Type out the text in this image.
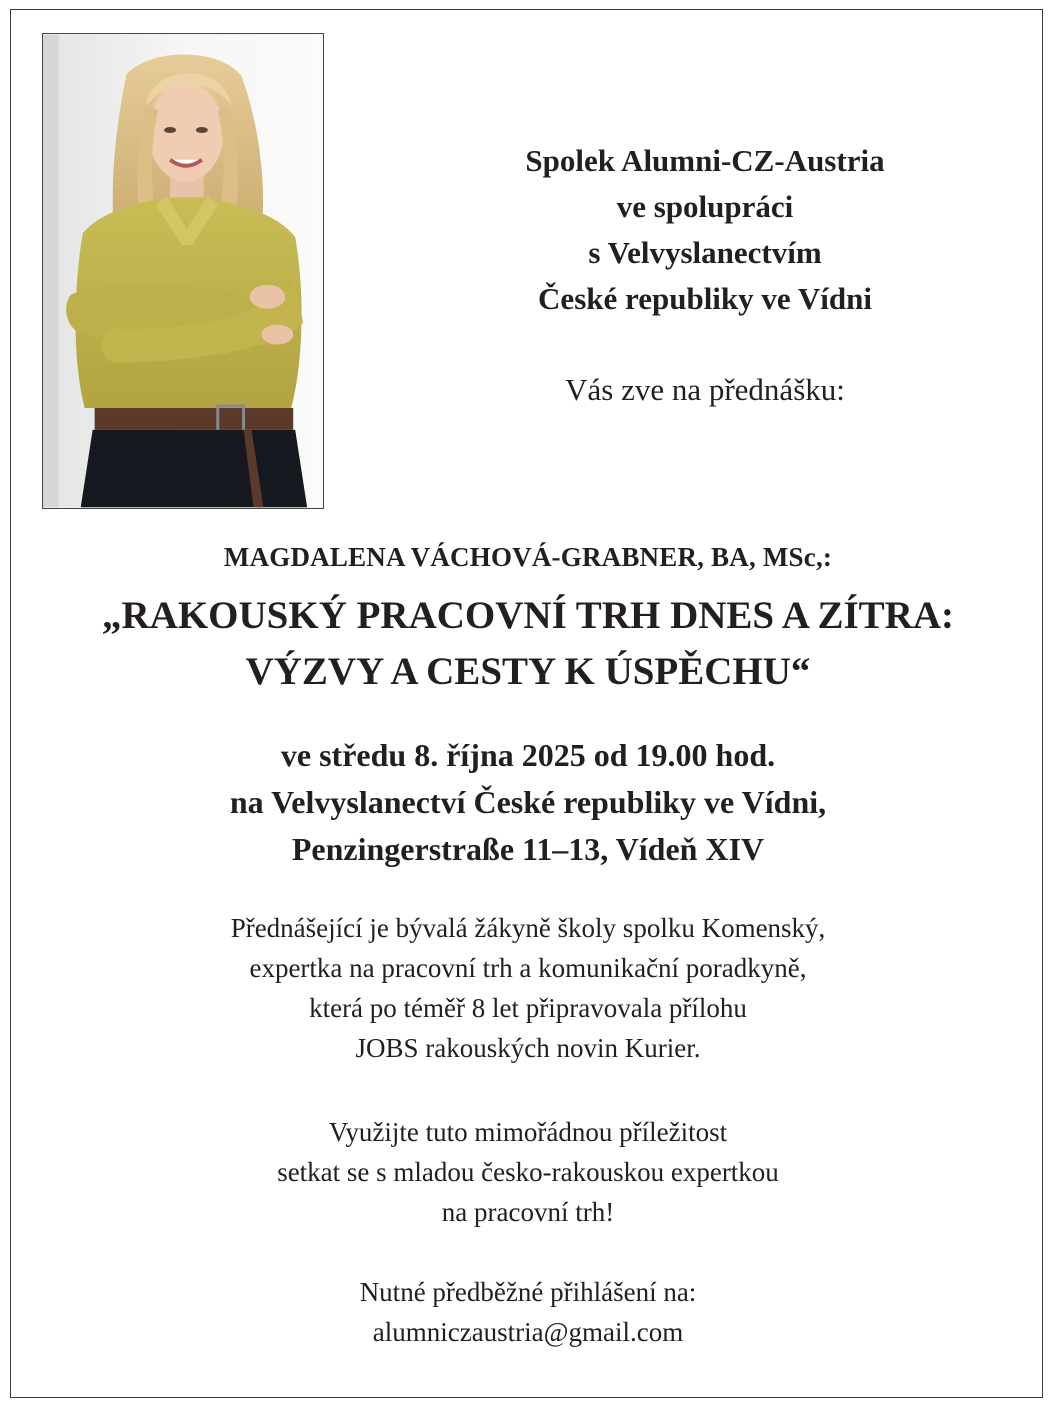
Spolek Alumni-CZ-Austria
ve spolupráci
s Velvyslanectvím
České republiky ve Vídni
Vás zve na přednášku:
MAGDALENA VÁCHOVÁ-GRABNER, BA, MSc,:
„RAKOUSKÝ PRACOVNÍ TRH DNES A ZÍTRA:
VÝZVY A CESTY K ÚSPĚCHU“
ve středu 8. října 2025 od 19.00 hod.
na Velvyslanectví České republiky ve Vídni,
Penzingerstraße 11–13, Vídeň XIV
Přednášející je bývalá žákyně školy spolku Komenský,
expertka na pracovní trh a komunikační poradkyně,
která po téměř 8 let připravovala přílohu
JOBS rakouských novin Kurier.
Využijte tuto mimořádnou příležitost
setkat se s mladou česko-rakouskou expertkou
na pracovní trh!
Nutné předběžné přihlášení na:
alumniczaustria@gmail.com
